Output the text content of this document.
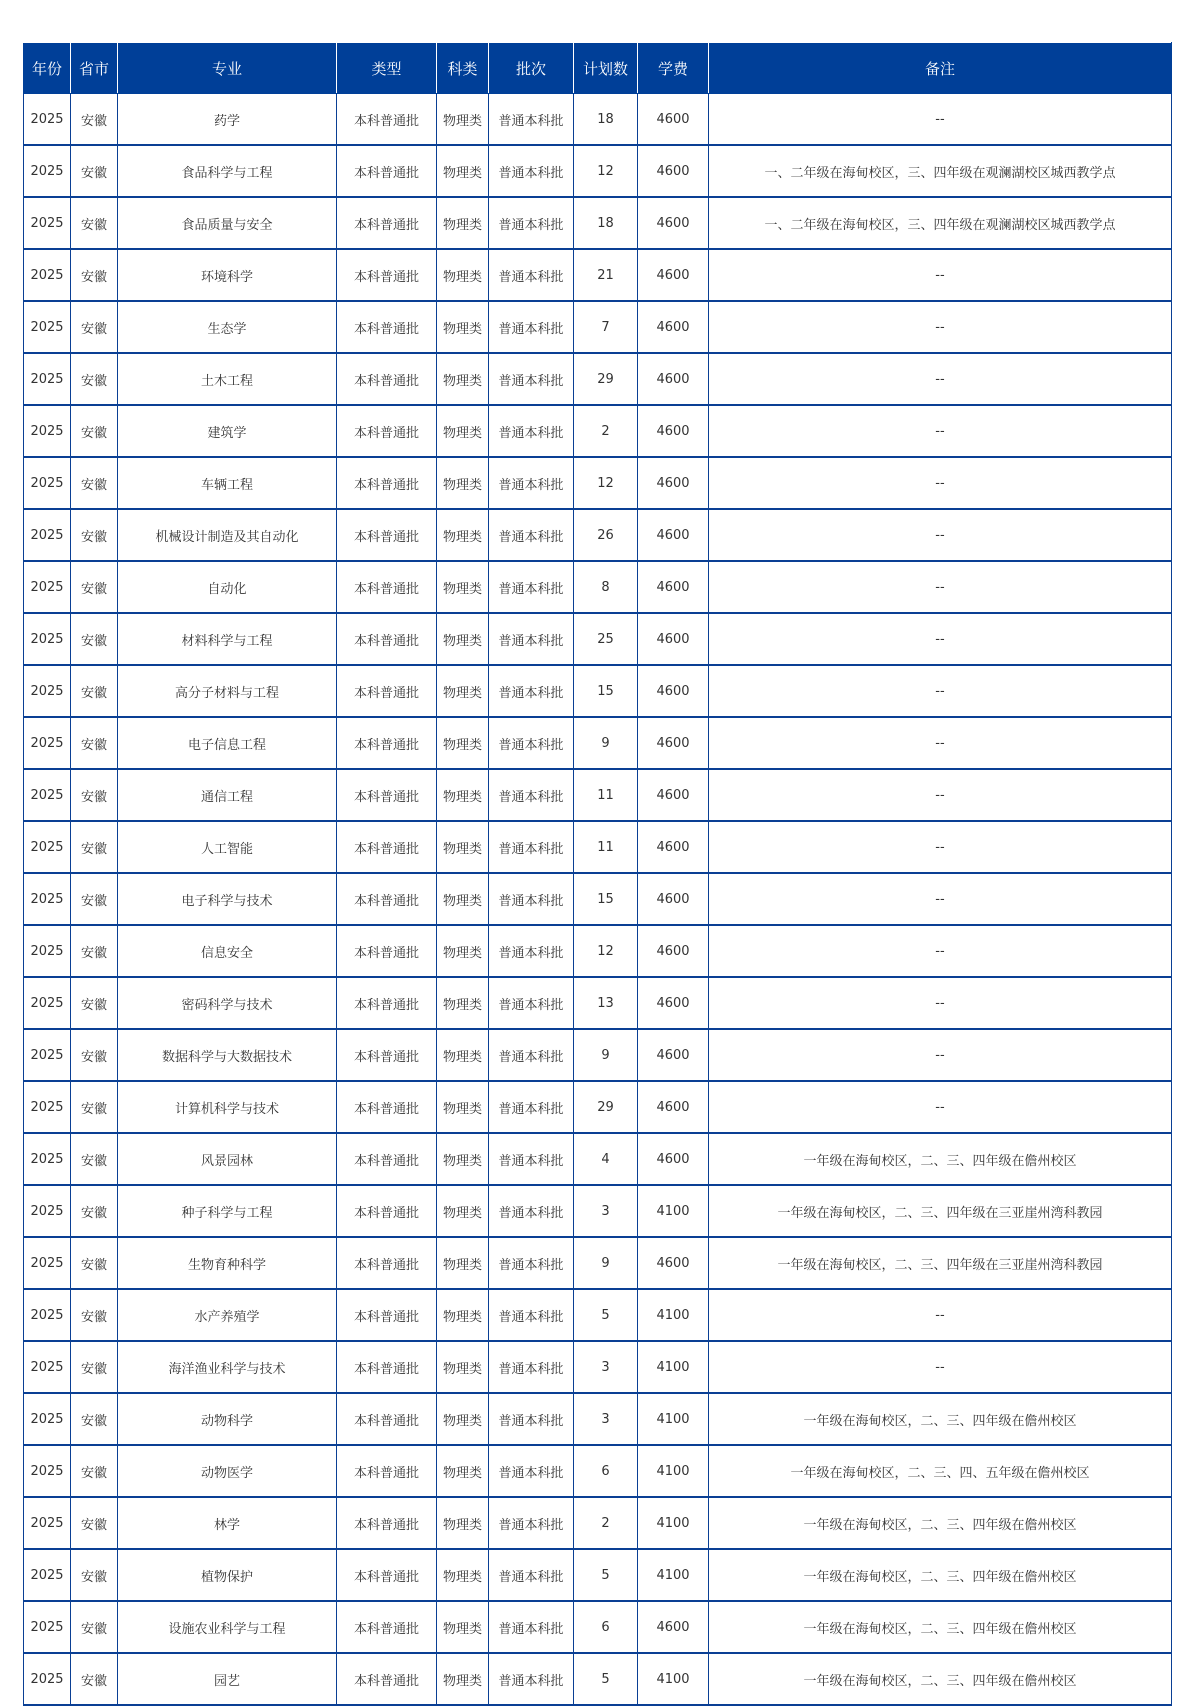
年份	省市	专业	类型	科类	批次	计划数	学费	备注
2025	安徽	药学	本科普通批	物理类	普通本科批	18	4600	--
2025	安徽	食品科学与工程	本科普通批	物理类	普通本科批	12	4600	一、二年级在海甸校区，三、四年级在观澜湖校区城西教学点
2025	安徽	食品质量与安全	本科普通批	物理类	普通本科批	18	4600	一、二年级在海甸校区，三、四年级在观澜湖校区城西教学点
2025	安徽	环境科学	本科普通批	物理类	普通本科批	21	4600	--
2025	安徽	生态学	本科普通批	物理类	普通本科批	7	4600	--
2025	安徽	土木工程	本科普通批	物理类	普通本科批	29	4600	--
2025	安徽	建筑学	本科普通批	物理类	普通本科批	2	4600	--
2025	安徽	车辆工程	本科普通批	物理类	普通本科批	12	4600	--
2025	安徽	机械设计制造及其自动化	本科普通批	物理类	普通本科批	26	4600	--
2025	安徽	自动化	本科普通批	物理类	普通本科批	8	4600	--
2025	安徽	材料科学与工程	本科普通批	物理类	普通本科批	25	4600	--
2025	安徽	高分子材料与工程	本科普通批	物理类	普通本科批	15	4600	--
2025	安徽	电子信息工程	本科普通批	物理类	普通本科批	9	4600	--
2025	安徽	通信工程	本科普通批	物理类	普通本科批	11	4600	--
2025	安徽	人工智能	本科普通批	物理类	普通本科批	11	4600	--
2025	安徽	电子科学与技术	本科普通批	物理类	普通本科批	15	4600	--
2025	安徽	信息安全	本科普通批	物理类	普通本科批	12	4600	--
2025	安徽	密码科学与技术	本科普通批	物理类	普通本科批	13	4600	--
2025	安徽	数据科学与大数据技术	本科普通批	物理类	普通本科批	9	4600	--
2025	安徽	计算机科学与技术	本科普通批	物理类	普通本科批	29	4600	--
2025	安徽	风景园林	本科普通批	物理类	普通本科批	4	4600	一年级在海甸校区，二、三、四年级在儋州校区
2025	安徽	种子科学与工程	本科普通批	物理类	普通本科批	3	4100	一年级在海甸校区，二、三、四年级在三亚崖州湾科教园
2025	安徽	生物育种科学	本科普通批	物理类	普通本科批	9	4600	一年级在海甸校区，二、三、四年级在三亚崖州湾科教园
2025	安徽	水产养殖学	本科普通批	物理类	普通本科批	5	4100	--
2025	安徽	海洋渔业科学与技术	本科普通批	物理类	普通本科批	3	4100	--
2025	安徽	动物科学	本科普通批	物理类	普通本科批	3	4100	一年级在海甸校区，二、三、四年级在儋州校区
2025	安徽	动物医学	本科普通批	物理类	普通本科批	6	4100	一年级在海甸校区，二、三、四、五年级在儋州校区
2025	安徽	林学	本科普通批	物理类	普通本科批	2	4100	一年级在海甸校区，二、三、四年级在儋州校区
2025	安徽	植物保护	本科普通批	物理类	普通本科批	5	4100	一年级在海甸校区，二、三、四年级在儋州校区
2025	安徽	设施农业科学与工程	本科普通批	物理类	普通本科批	6	4600	一年级在海甸校区，二、三、四年级在儋州校区
2025	安徽	园艺	本科普通批	物理类	普通本科批	5	4100	一年级在海甸校区，二、三、四年级在儋州校区
